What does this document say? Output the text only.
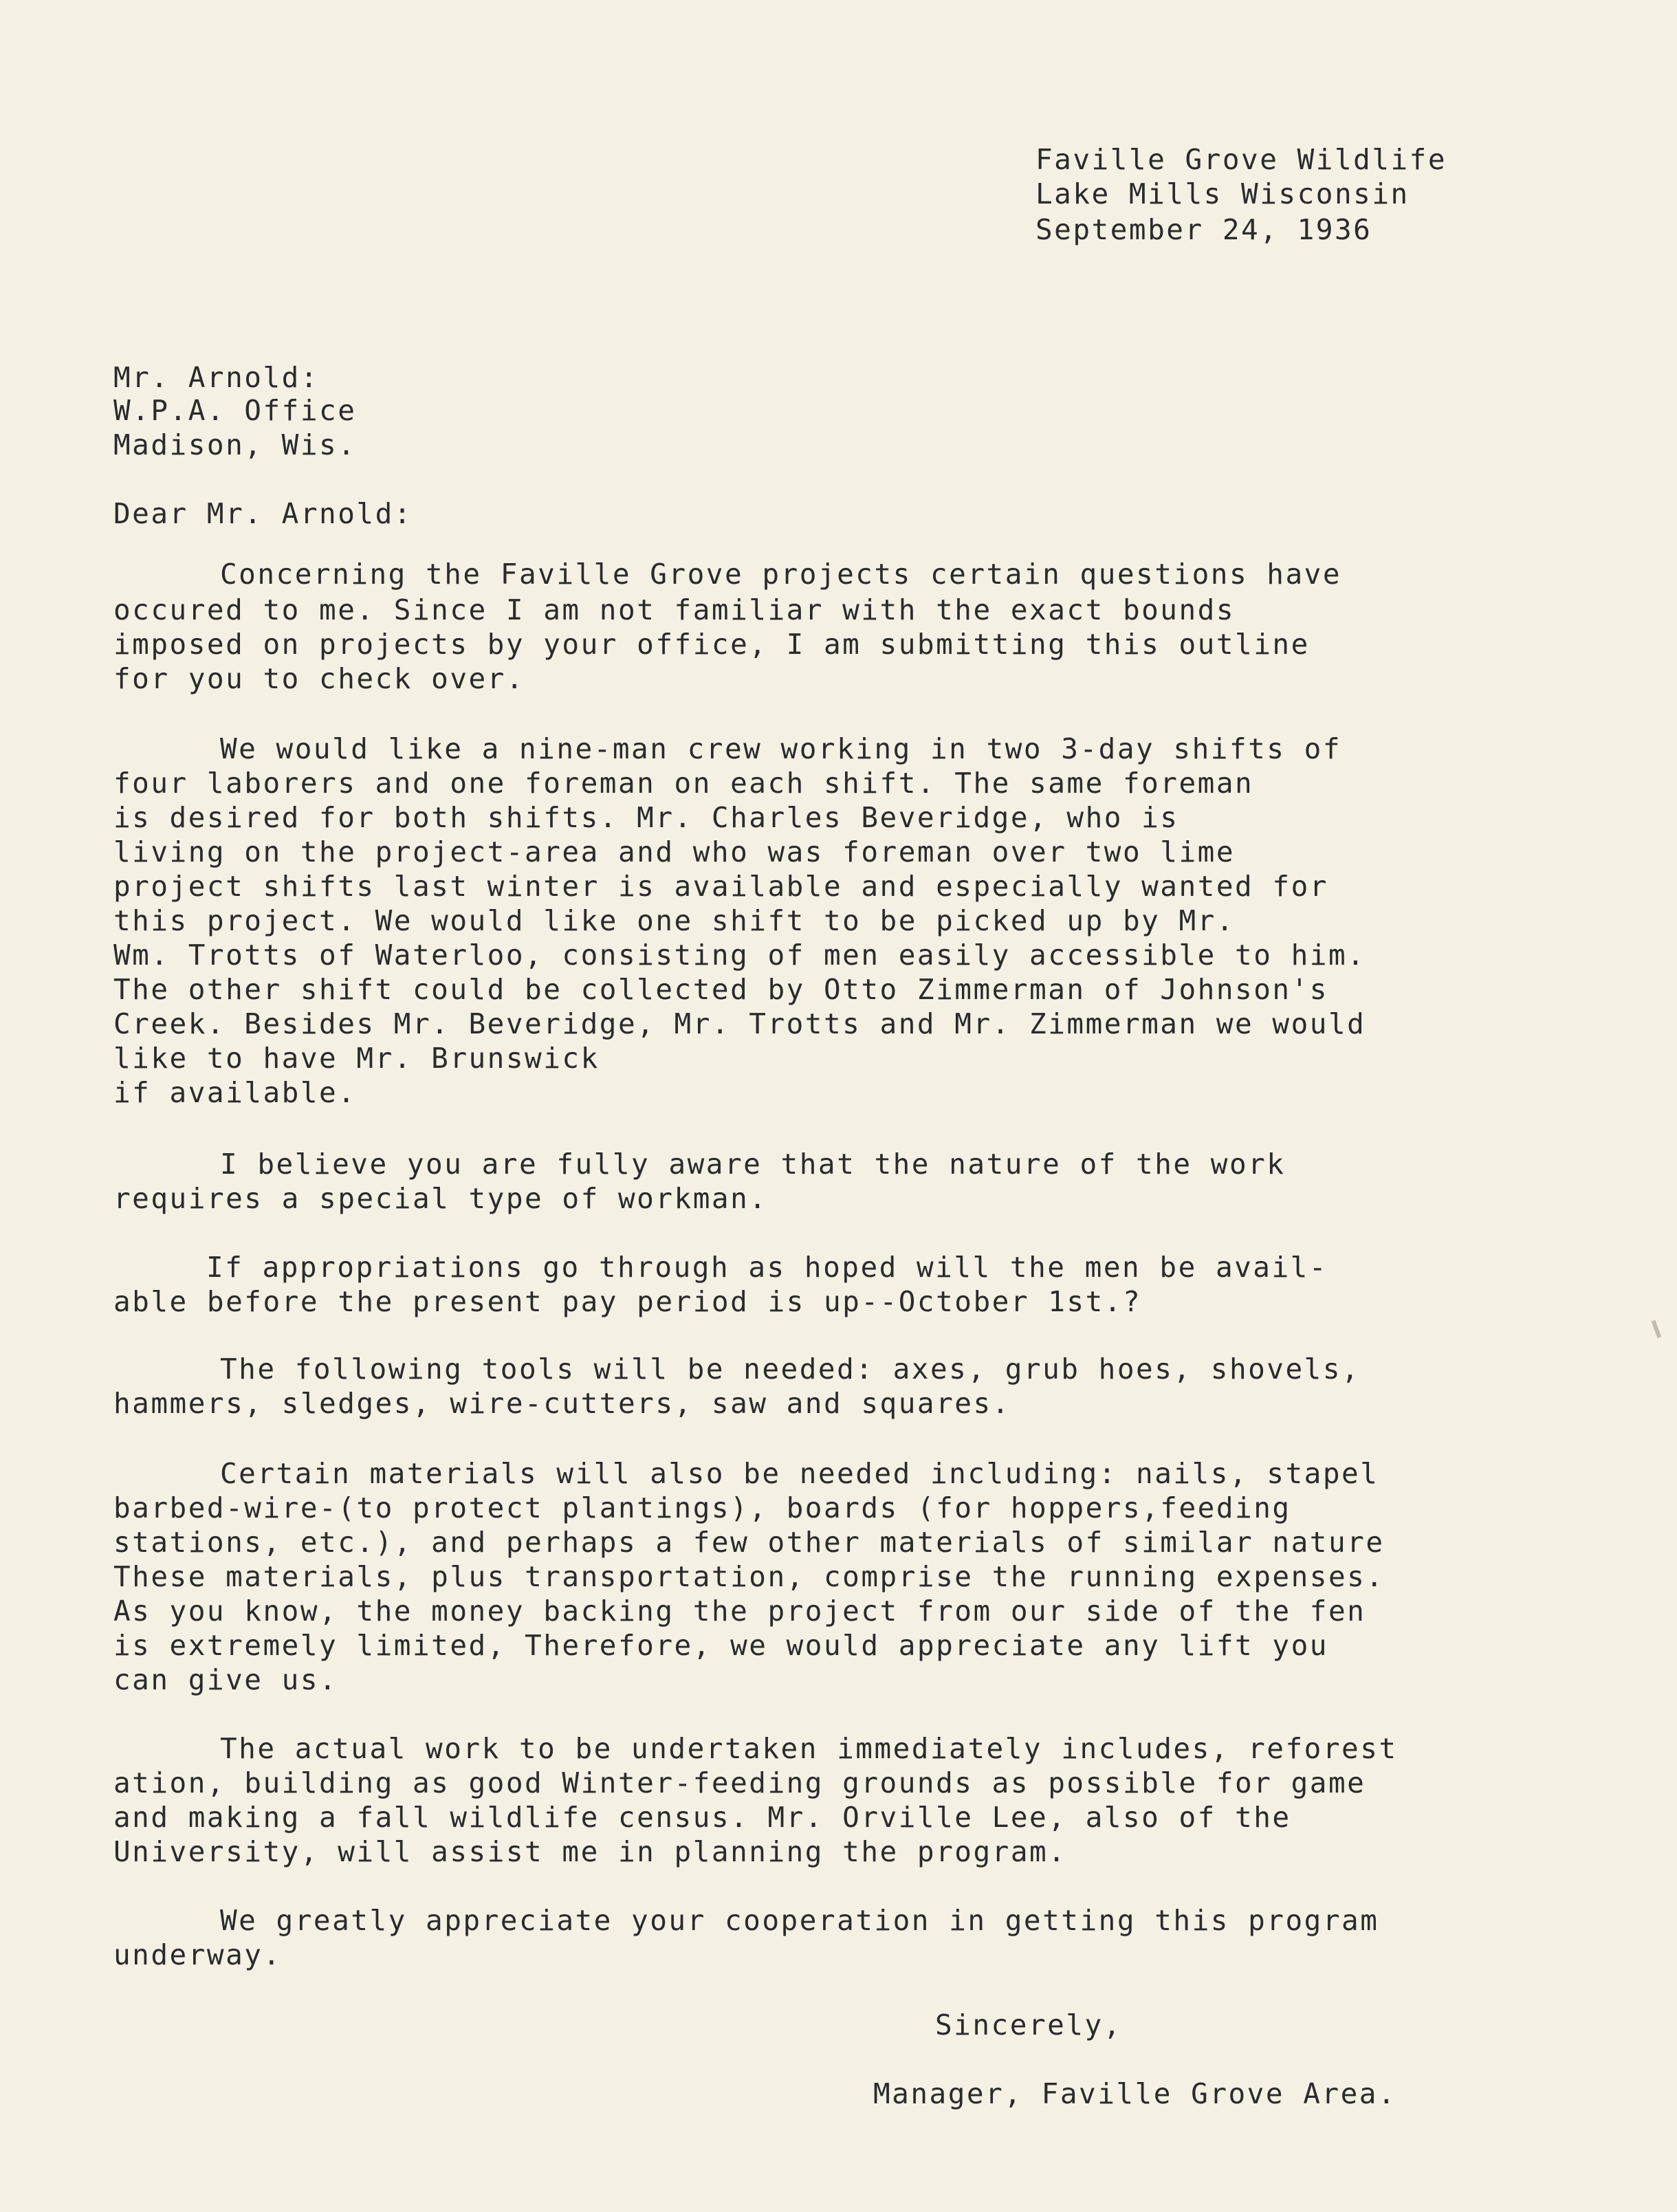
Faville Grove Wildlife
Lake Mills Wisconsin
September 24, 1936
Mr. Arnold:
W.P.A. Office
Madison, Wis.
Dear Mr. Arnold:
Concerning the Faville Grove projects certain questions have
occured to me. Since I am not familiar with the exact bounds
imposed on projects by your office, I am submitting this outline
for you to check over.
We would like a nine-man crew working in two 3-day shifts of
four laborers and one foreman on each shift. The same foreman
is desired for both shifts. Mr. Charles Beveridge, who is
living on the project-area and who was foreman over two lime
project shifts last winter is available and especially wanted for
this project. We would like one shift to be picked up by Mr.
Wm. Trotts of Waterloo, consisting of men easily accessible to him.
The other shift could be collected by Otto Zimmerman of Johnson's
Creek. Besides Mr. Beveridge, Mr. Trotts and Mr. Zimmerman we would
like to have Mr. Brunswick
if available.
I believe you are fully aware that the nature of the work
requires a special type of workman.
If appropriations go through as hoped will the men be avail-
able before the present pay period is up--October 1st.?
The following tools will be needed: axes, grub hoes, shovels,
hammers, sledges, wire-cutters, saw and squares.
Certain materials will also be needed including: nails, stapel
barbed-wire-(to protect plantings), boards (for hoppers,feeding
stations, etc.), and perhaps a few other materials of similar nature
These materials, plus transportation, comprise the running expenses.
As you know, the money backing the project from our side of the fen
is extremely limited, Therefore, we would appreciate any lift you
can give us.
The actual work to be undertaken immediately includes, reforest
ation, building as good Winter-feeding grounds as possible for game
and making a fall wildlife census. Mr. Orville Lee, also of the
University, will assist me in planning the program.
We greatly appreciate your cooperation in getting this program
underway.
Sincerely,
Manager, Faville Grove Area.
